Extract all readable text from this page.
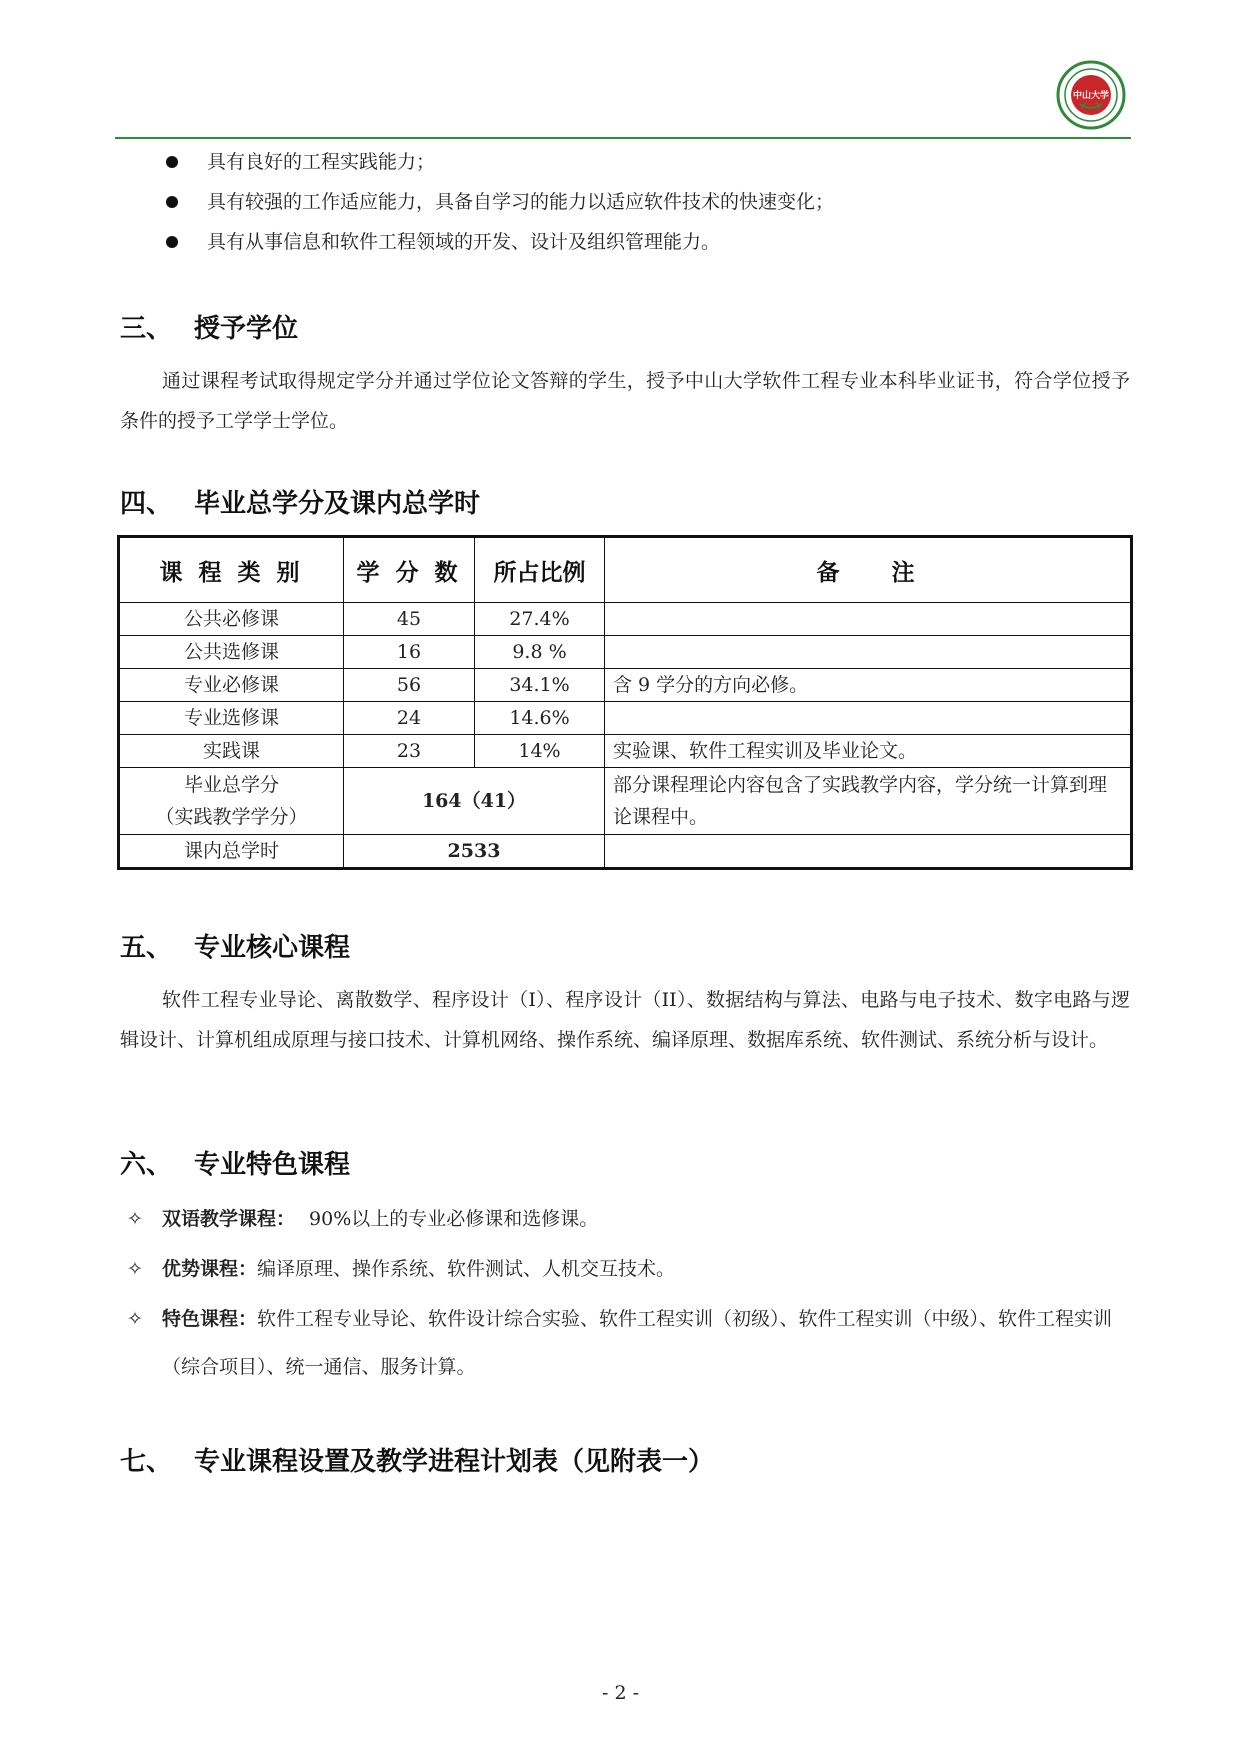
中山大学
具有良好的工程实践能力；
具有较强的工作适应能力，具备自学习的能力以适应软件技术的快速变化；
具有从事信息和软件工程领域的开发、设计及组织管理能力。
三、 授予学位
通过课程考试取得规定学分并通过学位论文答辩的学生，授予中山大学软件工程专业本科毕业证书，符合学位授予条件的授予工学学士学位。
四、 毕业总学分及课内总学时
课 程 类 别	学 分 数	所占比例	备    注
公共必修课	45	27.4%	
公共选修课	16	9.8 %	
专业必修课	56	34.1%	含 9 学分的方向必修。
专业选修课	24	14.6%	
实践课	23	14%	实验课、软件工程实训及毕业论文。

毕业总学分
（实践教学学分）	164（41）		部分课程理论内容包含了实践教学内容，学分统一计算到理论课程中。
课内总学时	2533		
五、 专业核心课程
软件工程专业导论、离散数学、程序设计（I）、程序设计（II）、数据结构与算法、电路与电子技术、数字电路与逻辑设计、计算机组成原理与接口技术、计算机网络、操作系统、编译原理、数据库系统、软件测试、系统分析与设计。
六、 专业特色课程
✧	双语教学课程： 90%以上的专业必修课和选修课。
✧	优势课程：编译原理、操作系统、软件测试、人机交互技术。
✧	特色课程：软件工程专业导论、软件设计综合实验、软件工程实训（初级）、软件工程实训（中级）、软件工程实训（综合项目）、统一通信、服务计算。
七、 专业课程设置及教学进程计划表（见附表一）
- 2 -
